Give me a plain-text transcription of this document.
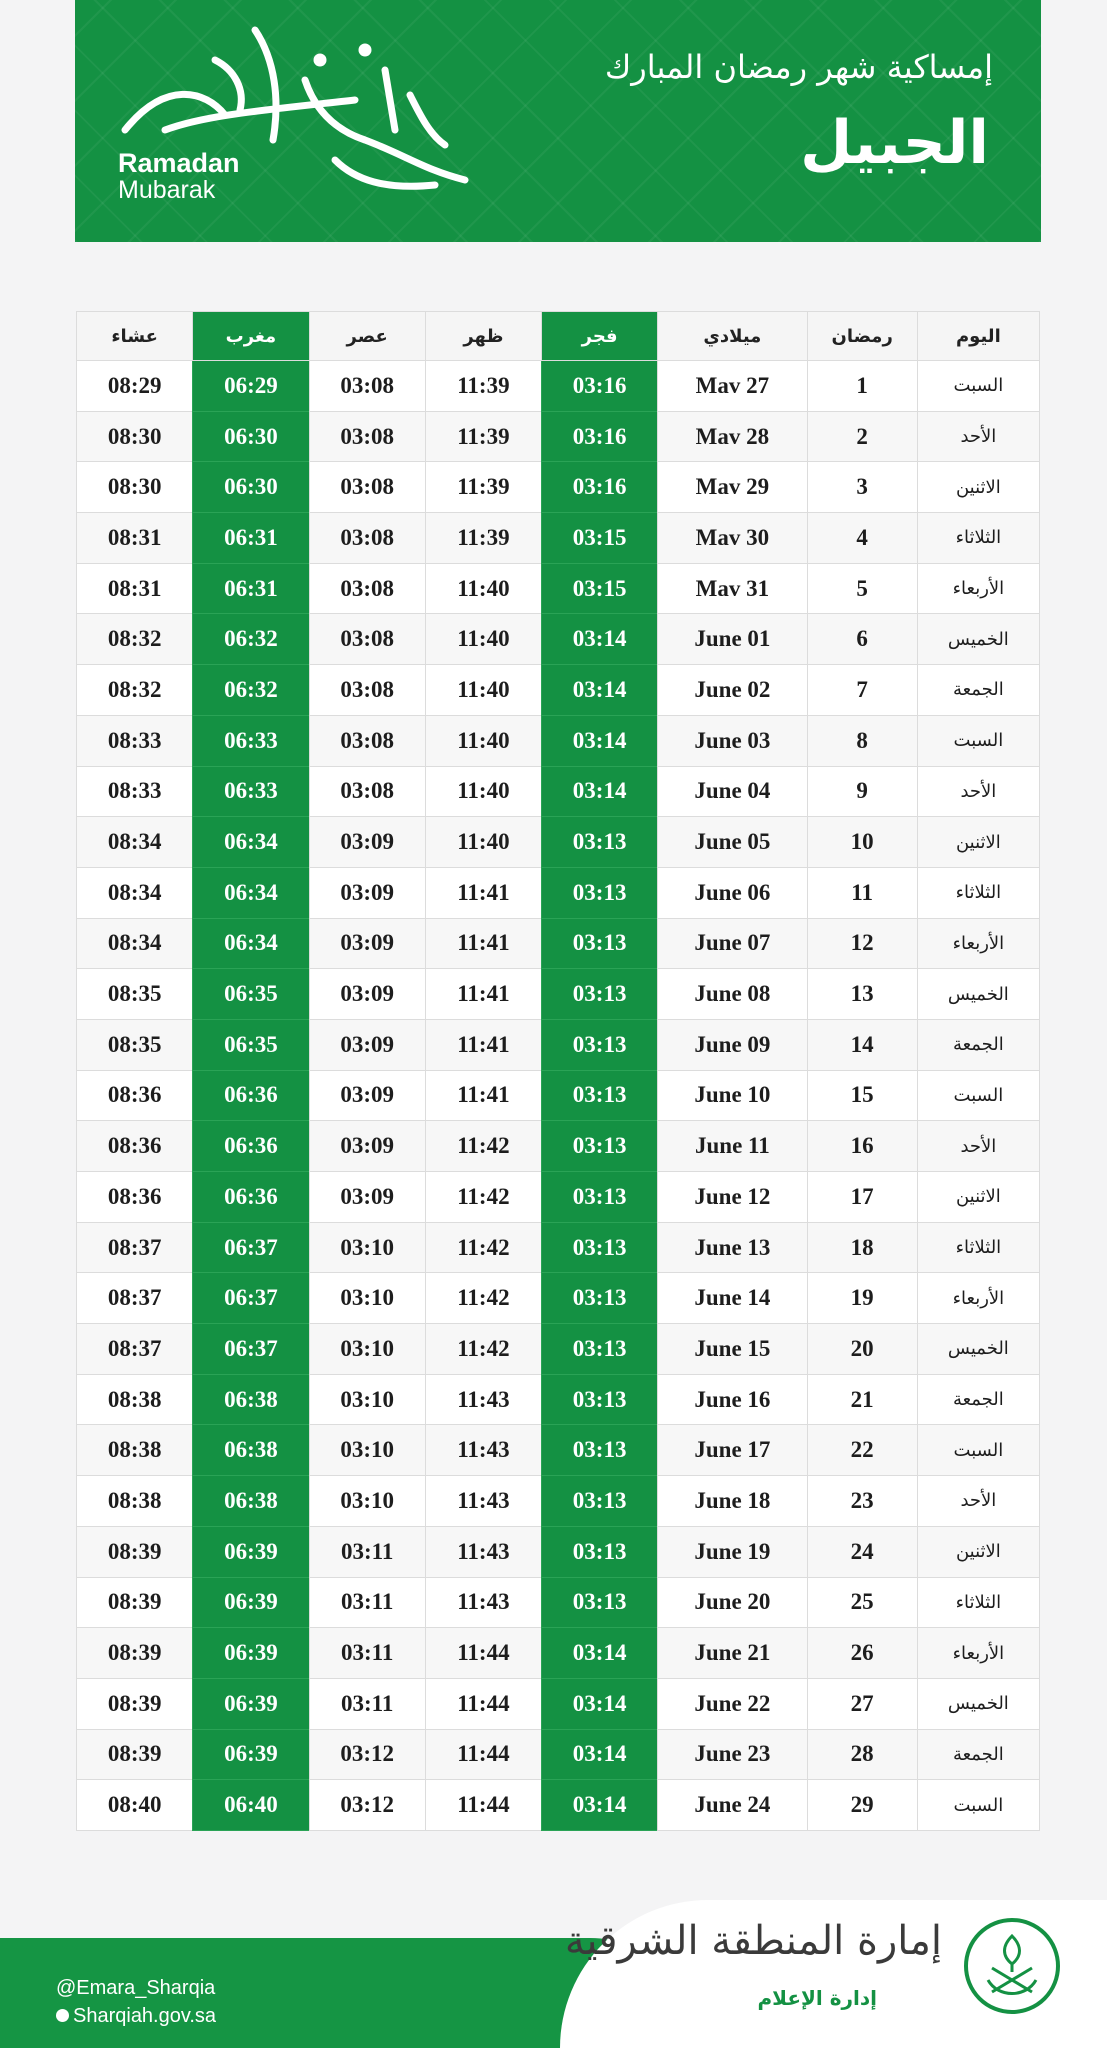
Ramadan
Mubarak
إمساكية شهر رمضان المبارك
الجبيل
اليوم	رمضان	ميلادي	فجر	ظهر	عصر	مغرب	عشاء
السبت	1	27 Mav	03:16	11:39	03:08	06:29	08:29
الأحد	2	28 Mav	03:16	11:39	03:08	06:30	08:30
الاثنين	3	29 Mav	03:16	11:39	03:08	06:30	08:30
الثلاثاء	4	30 Mav	03:15	11:39	03:08	06:31	08:31
الأربعاء	5	31 Mav	03:15	11:40	03:08	06:31	08:31
الخميس	6	01 June	03:14	11:40	03:08	06:32	08:32
الجمعة	7	02 June	03:14	11:40	03:08	06:32	08:32
السبت	8	03 June	03:14	11:40	03:08	06:33	08:33
الأحد	9	04 June	03:14	11:40	03:08	06:33	08:33
الاثنين	10	05 June	03:13	11:40	03:09	06:34	08:34
الثلاثاء	11	06 June	03:13	11:41	03:09	06:34	08:34
الأربعاء	12	07 June	03:13	11:41	03:09	06:34	08:34
الخميس	13	08 June	03:13	11:41	03:09	06:35	08:35
الجمعة	14	09 June	03:13	11:41	03:09	06:35	08:35
السبت	15	10 June	03:13	11:41	03:09	06:36	08:36
الأحد	16	11 June	03:13	11:42	03:09	06:36	08:36
الاثنين	17	12 June	03:13	11:42	03:09	06:36	08:36
الثلاثاء	18	13 June	03:13	11:42	03:10	06:37	08:37
الأربعاء	19	14 June	03:13	11:42	03:10	06:37	08:37
الخميس	20	15 June	03:13	11:42	03:10	06:37	08:37
الجمعة	21	16 June	03:13	11:43	03:10	06:38	08:38
السبت	22	17 June	03:13	11:43	03:10	06:38	08:38
الأحد	23	18 June	03:13	11:43	03:10	06:38	08:38
الاثنين	24	19 June	03:13	11:43	03:11	06:39	08:39
الثلاثاء	25	20 June	03:13	11:43	03:11	06:39	08:39
الأربعاء	26	21 June	03:14	11:44	03:11	06:39	08:39
الخميس	27	22 June	03:14	11:44	03:11	06:39	08:39
الجمعة	28	23 June	03:14	11:44	03:12	06:39	08:39
السبت	29	24 June	03:14	11:44	03:12	06:40	08:40
@Emara_Sharqia
Sharqiah.gov.sa
إمارة المنطقة الشرقية
إدارة الإعلام
